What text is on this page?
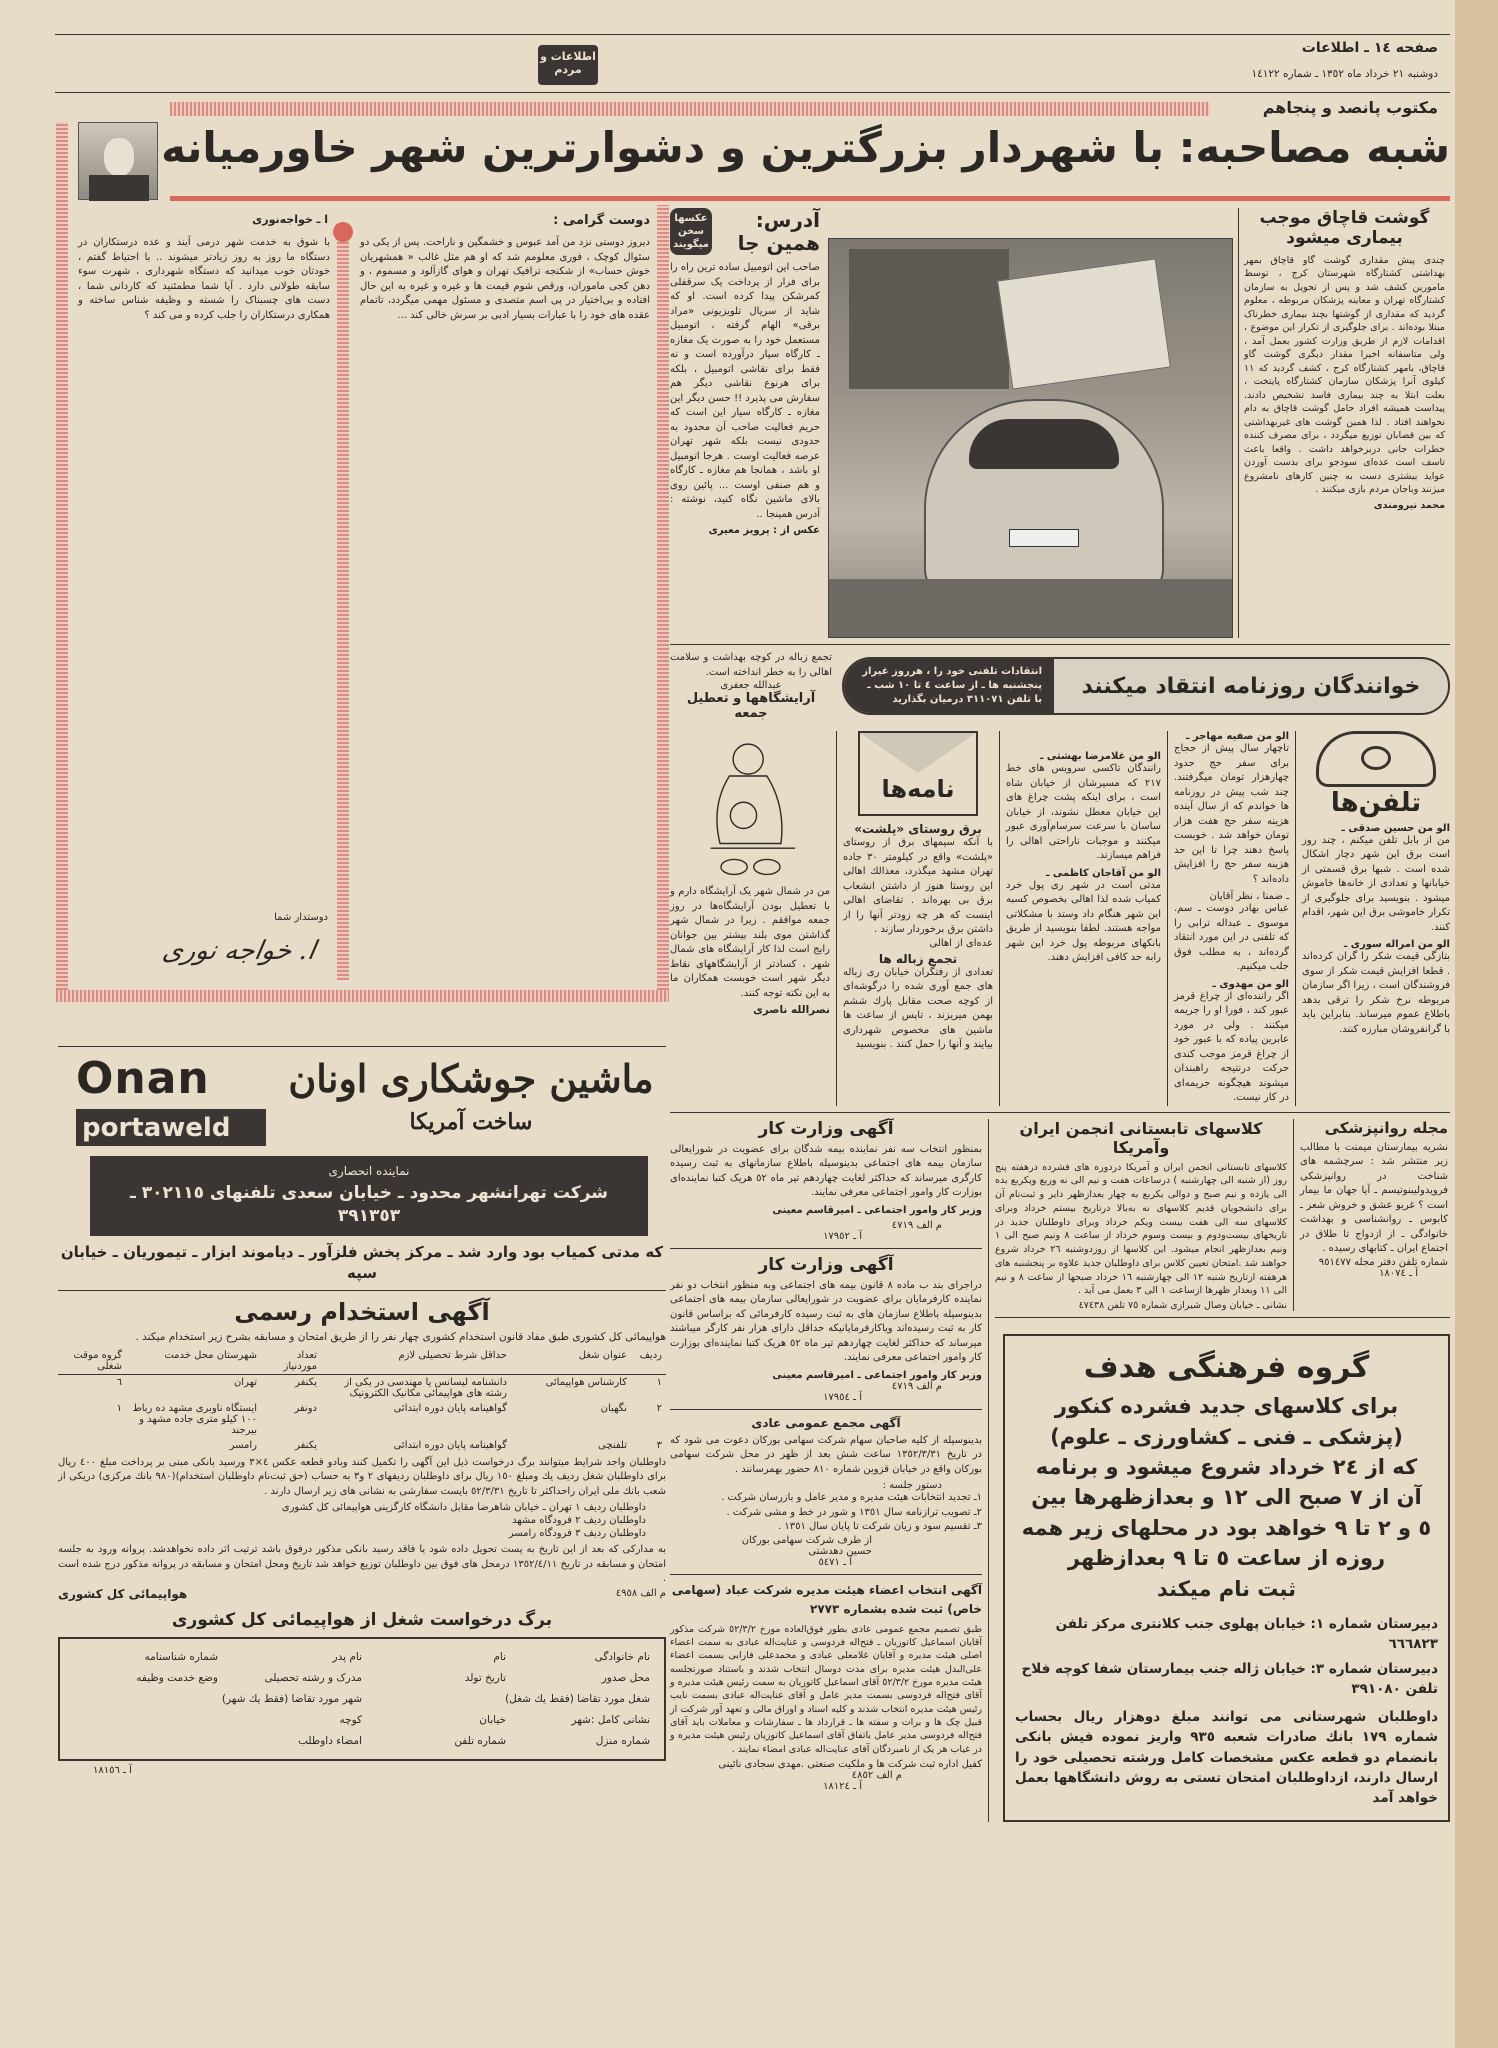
صفحه ١٤ ـ اطلاعات
دوشنبه ٢١ خرداد ماه ١٣٥٢ ـ شماره ١٤١٢٢
اطلاعات و مردم
مکتوب پانصد و پنجاهم
شبه مصاحبه: با شهردار بزرگترین و دشوارترین شهر خاورمیانه
دوست گرامی :
دیروز دوستی نزد من آمد عبوس و خشمگین و ناراحت. پس از یکی دو سئوال کوچک ، فوری معلومم شد که او هم مثل غالب « همشهریان خوش حساب» از شکنجه ترافیک تهران و هوای گازآلود و مسموم ، و دهن کجی ماموران، ورقص شوم قیمت ها و غیره و غیره به این حال افتاده و بی‌اختیار در پی اسم متصدی و مسئول مهمی میگردد، تاتمام عقده های خود را با عبارات بسیار ادبی بر سرش خالی کند ...
ا ـ خواجه‌نوری
با شوق به خدمت شهر درمی آیند و عده درستکاران در دستگاه ما روز به روز زیادتر میشوند .. با احتیاط گفتم ، خودتان خوب میدانید که دستگاه شهرداری ، شهرت سوء سابقه طولانی دارد . آیا شما مطمئنید که کاردانی شما ، دست های چسبناک را شسته و وظیفه شناس ساخته و همکاری درستکاران را جلب کرده و می کند ؟
دوستدار شما
ا. خواجه نوری
عکسها سخن میگویند
آدرس: همین جا
صاحب این اتومبیل ساده ترین راه را برای فرار از پرداخت یک سرقفلی کمرشکن پیدا کرده است. او که شاید از سریال تلویزیونی «مراد برقی» الهام گرفته ، اتومبیل مستعمل خود را به صورت یک مغازه ـ کارگاه سیار درآورده است و نه فقط برای نقاشی اتومبیل ، بلکه برای هرنوع نقاشی دیگر هم سفارش می پذیرد !! حسن دیگر این مغازه ـ کارگاه سیار این است که حریم فعالیت صاحب آن محدود به حدودی نیست بلکه شهر تهران عرصه فعالیت اوست . هرجا اتومبیل او باشد ، همانجا هم مغازه ـ کارگاه و هم صنفی اوست ... پائین روی بالای ماشین نگاه کنید، نوشته : آدرس همینجا ..
عکس از : پرویز معیری
گوشت قاچاق موجب بیماری میشود
چندی پیش مقداری گوشت گاو قاچاق بمهر بهداشتی کشتارگاه شهرستان کرج ، توسط مامورین کشف شد و پس از تحویل به سازمان کشتارگاه تهران و معاینه پزشکان مربوطه ، معلوم گردید که مقداری از گوشتها بچند بیماری خطرناک مبتلا بوده‌اند . برای جلوگیری از تکرار این موضوع ، اقدامات لازم از طریق وزارت کشور بعمل آمد ، ولی متاسفانه اخیرا مقدار دیگری گوشت گاو قاچاق، بامهر کشتارگاه کرج ، کشف گردید که ١١ کیلوی آنرا پزشکان سازمان کشتارگاه پایتخت ، بعلت ابتلا به چند بیماری فاسد تشخیص دادند. پیداست همیشه افراد حامل گوشت قاچاق به دام نخواهند افتاد . لذا همین گوشت های غیربهداشتی که بین قصابان توزیع میگردد ، برای مصرف کننده خطرات جانی دربرخواهد داشت . واقعا باعث تاسف است عده‌ای سودجو برای بدست آوردن عواید بیشتری دست به چنین کارهای نامشروع میزنند وباجان مردم بازی میکنند .
محمد نیرومندی
تجمع زباله در کوچه بهداشت و سلامت اهالی را به خطر انداخته است.
عبدالله جعفری
آرایشگاهها و تعطیل جمعه
انتقادات تلفنی خود را ، هرروز غیراز پنجشنبه ها ـ از ساعت ٤ تا ١٠ شب ـ با تلفن ٣١١٠٧١ درمیان بگذارید
خوانندگان روزنامه انتقاد میکنند
من در شمال شهر یک آرایشگاه دارم و با تعطیل بودن آرایشگاه‌ها در روز جمعه موافقم . زیرا در شمال شهر گذاشتن موی بلند بیشتر بین جوانان رایج است لذا کار آرایشگاه های شمال شهر ، کسادتر از آرایشگاههای نقاط دیگر شهر است خوبست همکاران ما به این نکته توجه کنند.
نصرالله ناصری
نامه‌ها
برق روستای «پلشت»
با آنکه سیمهای برق از روستای «پلشت» واقع در کیلومتر ٣٠ جاده تهران مشهد میگذرد، معذالك اهالی این روستا هنوز از داشتن انشعاب برق بی بهره‌اند . تقاضای اهالی اینست که هر چه زودتر آنها را از داشتن برق برخوردار سازند .
عده‌ای از اهالی
تجمع زباله ها
تعدادی از رفتگران خیابان ری زباله های جمع آوری شده را درگوشه‌ای از کوچه صحت مقابل پارك ششم بهمن میریزند ، تاپس از ساعت ها ماشین های مخصوص شهرداری بیایند و آنها را حمل کنند . بنویسید
الو من غلامرضا بهشتی ـ
رانندگان تاکسی سرویس های خط ٢١٧ که مسیرشان از خیابان شاه است ، برای اینکه پشت چراغ های این خیابان معطل نشوند، از خیابان ساسان با سرعت سرسام‌آوری عبور میکنند و موجبات ناراحتی اهالی را فراهم میسازند.
الو من آقاجان کاظمی ـ
مدتی است در شهر ری پول خرد کمیاب شده لذا اهالی بخصوص کسبه این شهر هنگام داد وستد با مشکلاتی مواجه هستند. لطفا بنویسید از طریق بانکهای مربوطه پول خرد این شهر رابه حد کافی افزایش دهند.
الو من صفیه مهاجر ـ
تاچهار سال پیش از حجاج برای سفر حج حدود چهارهزار تومان میگرفتند. چند شب پیش در روزنامه ها خواندم که از سال آینده هزینه سفر حج هفت هزار تومان خواهد شد . خوبست پاسخ دهند چرا تا این حد هزینه سفر حج را افزایش داده‌اند ؟
ـ ضمنا ، نظر آقایان
عباس بهادر دوست ـ سم. موسوی ـ عبداله ترابی را که تلفنی در این مورد انتقاد گرده‌اند ، به مطلب فوق جلب میکنیم.
الو من مهدوی ـ
اگر راننده‌ای از چراغ قرمز عبور کند ، فورا او را جریمه میکنند . ولی در مورد عابرین پیاده که با عبور خود از چراغ قرمز موجب کندی حرکت درنتیجه راهبندان میشوند هیچگونه جریمه‌ای در کار نیست.
تلفن‌ها
الو من حسین صدقی ـ
من از بابل تلفن میکنم ، چند روز است برق این شهر دچار اشکال شده است . شبها برق قسمتی از خیابانها و تعدادی از خانه‌ها خاموش میشود . بنویسید برای جلوگیری از تکرار خاموشی برق این شهر، اقدام کنند.
الو من امراله سوری ـ
بتازگی قیمت شکر را گران کرده‌اند . قطعا افزایش قیمت شکر از سوی فروشندگان است ، زیرا اگر سازمان مربوطه نرخ شکر را ترقی بدهد باطلاع عموم میرساند. بنابراین باید با گرانفروشان مبارزه کنند.
آگهی وزارت کار
بمنظور انتخاب سه نفر نماینده بیمه شدگان برای عضویت در شورایعالی سازمان بیمه های اجتماعی بدینوسیله باطلاع سازمانهای به ثبت رسیده کارگری میرساند که حداکثر لغایت چهاردهم تیر ماه ٥٢ هریک کتبا نماینده‌ای بوزارت کار وامور اجتماعی معرفی نمایند.
وزیر کار وامور اجتماعی ـ امیرقاسم معینی
م الف ٤٧١٩
آ ـ ١٧٩٥٢
آگهی وزارت کار
دراجرای بند ب ماده ٨ قانون بیمه های اجتماعی وبه منظور انتخاب دو نفر نماینده کارفرمایان برای عضویت در شورایعالی سازمان بیمه های اجتماعی بدینوسیله باطلاع سازمان های به ثبت رسیده کارفرمائی که براساس قانون کار به ثبت رسیده‌اند ویاکارفرمایانیکه حداقل دارای هزار نفر کارگر میباشند میرساند که حداکثر لغایت چهاردهم تیر ماه ٥٢ هریک کتبا نماینده‌ای بوزارت کار وامور اجتماعی معرفی نمایند.
وزیر کار وامور اجتماعی ـ امیرقاسم معینی
م الف ٤٧١٩
آ ـ ١٧٩٥٤
آگهی مجمع عمومی عادی
بدینوسیله از کلیه صاحبان سهام شرکت سهامی بورکان دعوت می شود که در تاریخ ١٣٥٢/٣/٣١ ساعت شش بعد از ظهر در محل شرکت سهامی بورکان واقع در خیابان قزوین شماره ٨١٠ حضور بهمرسانند .
دستور جلسه :
١ـ تجدید انتخابات هیئت مدیره و مدیر عامل و بازرسان شرکت .
٢ـ تصویب ترازنامه سال ١٣٥١ و شور در خط و مشی شرکت .
٣ـ تقسیم سود و زیان شرکت تا پایان سال ١٣٥١ .
از طرف شرکت سهامی بورکان
حسین دهدشتی
آ ـ ٥٤٧١
آگهی انتخاب اعضاء هیئت مدیره شرکت عباد (سهامی خاص) ثبت شده بشماره ٢٧٧٣
طبق تصمیم مجمع عمومی عادی بطور فوق‌العاده مورخ ٥٢/٣/٢ شرکت مذکور آقایان اسماعیل کاتوزیان ـ فتح‌اله فردوسی و عنایت‌اله عبادی به سمت اعضاء اصلی هیئت مدیره و آقایان غلامعلی عبادی و محمدعلی فارابی بسمت اعضاء علی‌البدل هیئت مدیره برای مدت دوسال انتخاب شدند و باستناد صورتجلسه هیئت مدیره مورخ ٥٢/٣/٢ آقای اسماعیل کاتوزیان به سمت رئیس هیئت مدیره و آقای فتح‌اله فردوسی بسمت مدیر عامل و آقای عنایت‌اله عبادی بسمت نایب رئیس هیئت مدیره انتخاب شدند و کلیه اسناد و اوراق مالی و تعهد آور شرکت از قبیل چک ها و برات و سفته ها ـ قرارداد ها ـ سفارشات و معاملات باید آقای فتح‌اله فردوسی مدیر عامل باتفاق آقای اسماعیل کاتوزیان رئیس هیئت مدیره و در غیاب هر یک از نامبردگان آقای عنایت‌اله عبادی امضاء نمایند .
کفیل اداره ثبت شرکت ها و ملکیت صنعتی .مهدی سجادی نائینی
م الف ٤٨٥٢
آ ـ ١٨١٢٤
کلاسهای تابستانی انجمن ایران وآمریکا
کلاسهای تابستانی انجمن ایران و آمریکا دردوره های فشرده درهفته پنج روز (از شنبه الی چهارشنبه ) درساعات هفت و نیم الی نه وربع ویکربع بده الی یازده و نیم صبح و دوالی یکربع به چهار بعدازظهر دایر و ثبت‌نام آن برای دانشجویان قدیم کلاسهای نه به‌بالا درتاریخ بیستم خرداد وبرای کلاسهای سه الی هفت بیست ویکم خرداد وبرای داوطلبان جدید در تاریخهای بیست‌ودوم و بیست وسوم خرداد از ساعت ٨ ونیم صبح الی ١ ونیم بعدازظهر انجام میشود. این کلاسها از روزدوشنبه ٢٦ خرداد شروع خواهند شد .امتحان تعیین کلاس برای داوطلبان جدید علاوه بر پنجشنبه های هرهفته ازتاریخ شنبه ١٢ الی چهارشنبه ١٦ خرداد صبحها از ساعت ٨ و نیم الی ١١ وبعداز ظهرها ازساعت ١ الی ٣ بعمل می آید .
نشانی ـ خیابان وصال شیرازی شماره ٧٥ تلفن ٤٧٤٣٨
مجله روانپزشکی
نشریه بیمارستان میمنت با مطالب زیر منتشر شد : سرچشمه های شناخت در روانپزشکی فرویدولیبنوتیسم ـ آیا جهان ما بیمار است ؟ غریو عشق و خروش شعر ـ کابوس ـ روانشناسی و بهداشت خانوادگی ـ از ازدواج تا طلاق در اجتماع ایران ـ کتابهای رسیده .
شماره تلفن دفتر مجله ٩٥١٤٧٧
آ ـ ١٨٠٧٤
گروه فرهنگی هدف
برای کلاسهای جدید فشرده کنکور
(پزشکی ـ فنی ـ کشاورزی ـ علوم)
که از ٢٤ خرداد شروع میشود و برنامه
آن از ٧ صبح الی ١٢ و بعدازظهرها بین
٥ و ٢ تا ٩ خواهد بود در محلهای زیر همه
روزه از ساعت ٥ تا ٩ بعدازظهر
ثبت نام میکند
دبیرستان شماره ١: خیابان پهلوی جنب کلانتری مرکز تلفن ٦٦٦٨٢٣
دبیرستان شماره ٣: خیابان ژاله جنب بیمارستان شفا کوچه فلاح تلفن ٣٩١٠٨٠
داوطلبان شهرستانی می توانند مبلغ دوهزار ریال بحساب شماره ١٧٩ بانك صادرات شعبه ٩٣٥ واریز نموده فیش بانکی بانضمام دو قطعه عکس مشخصات کامل ورشته تحصیلی خود را ارسال دارند، ازداوطلبان امتحان تستی به روش دانشگاهها بعمل خواهد آمد
Onan
portaweld
ماشین جوشکاری اونان
ساخت آمریکا
نماینده انحصاری
شرکت تهرانشهر محدود ـ خیابان سعدی تلفنهای ٣٠٢١١٥ ـ ٣٩١٣٥٣
که مدتی کمیاب بود وارد شد ـ مرکز پخش فلزآور ـ دیاموند ابزار ـ تیموریان ـ خیابان سپه
آگهی استخدام رسمی
هواپیمائی کل کشوری طبق مفاد قانون استخدام کشوری چهار نفر را از طریق امتحان و مسابقه بشرح زیر استخدام میکند .
ردیف	عنوان شغل	حداقل شرط تحصیلی لازم	تعداد موردنیاز	شهرستان محل خدمت	گروه موقت شغلی
١	کارشناس هواپیمائی	دانشنامه لیسانس یا مهندسی در یکی از رشته های هواپیمائی مکانیک الکترونیک	یکنفر	تهران	٦
٢	نگهبان	گواهینامه پایان دوره ابتدائی	دونفر	ایستگاه ناوبری مشهد ده رباط ١٠٠ کیلو متری جاده مشهد و بیرجند	١
٣	تلفنچی	گواهینامه پایان دوره ابتدائی	یکنفر	رامسر	
داوطلبان واجد شرایط میتوانند برگ درخواست ذیل این آگهی را تکمیل کنند وبادو قطعه عکس ٤×٣ ورسید بانکی مبنی بر پرداخت مبلغ ٤٠٠ ریال برای داوطلبان شغل ردیف یك ومبلغ ١٥٠ ریال برای داوطلبان ردیفهای ٢ و٣ به حساب (حق ثبت‌نام داوطلبان استخدام)(٩٨٠ بانك مرکزی) دریکی از شعب بانك ملی ایران راحداکثر تا تاریخ ٥٢/٣/٣١ بایست سفارشی به نشانی های زیر ارسال دارند .
داوطلبان ردیف ١ تهران ـ خیابان شاهرضا مقابل دانشگاه کارگزینی هواپیمائی کل کشوری
داوطلبان ردیف ٢ فرودگاه مشهد
داوطلبان ردیف ٣ فرودگاه رامسر
به مدارکی که بعد از این تاریخ به پست تحویل داده شود یا فاقد رسید بانکی مذکور درفوق باشد ترتیب اثر داده نخواهدشد. پروانه ورود به جلسه امتحان و مسابقه در تاریخ ١٣٥٢/٤/١١ درمحل های فوق بین داوطلبان توزیع خواهد شد تاریخ ومحل امتحان و مسابقه در پروانه مذکور درج شده است .
م الف ٤٩٥٨
هواپیمائی کل کشوری
برگ درخواست شغل از هواپیمائی کل کشوری
نام خانوادگی
نام
نام پدر
شماره شناسنامه
محل صدور
تاریخ تولد
مدرک و رشته تحصیلی
وضع خدمت وظیفه
شغل مورد تقاضا (فقط یك شغل)
شهر مورد تقاضا (فقط یك شهر)
نشانی کامل :شهر
خیابان
کوچه
شماره منزل
شماره تلفن
امضاء داوطلب
آ ـ ١٨١٥٦
